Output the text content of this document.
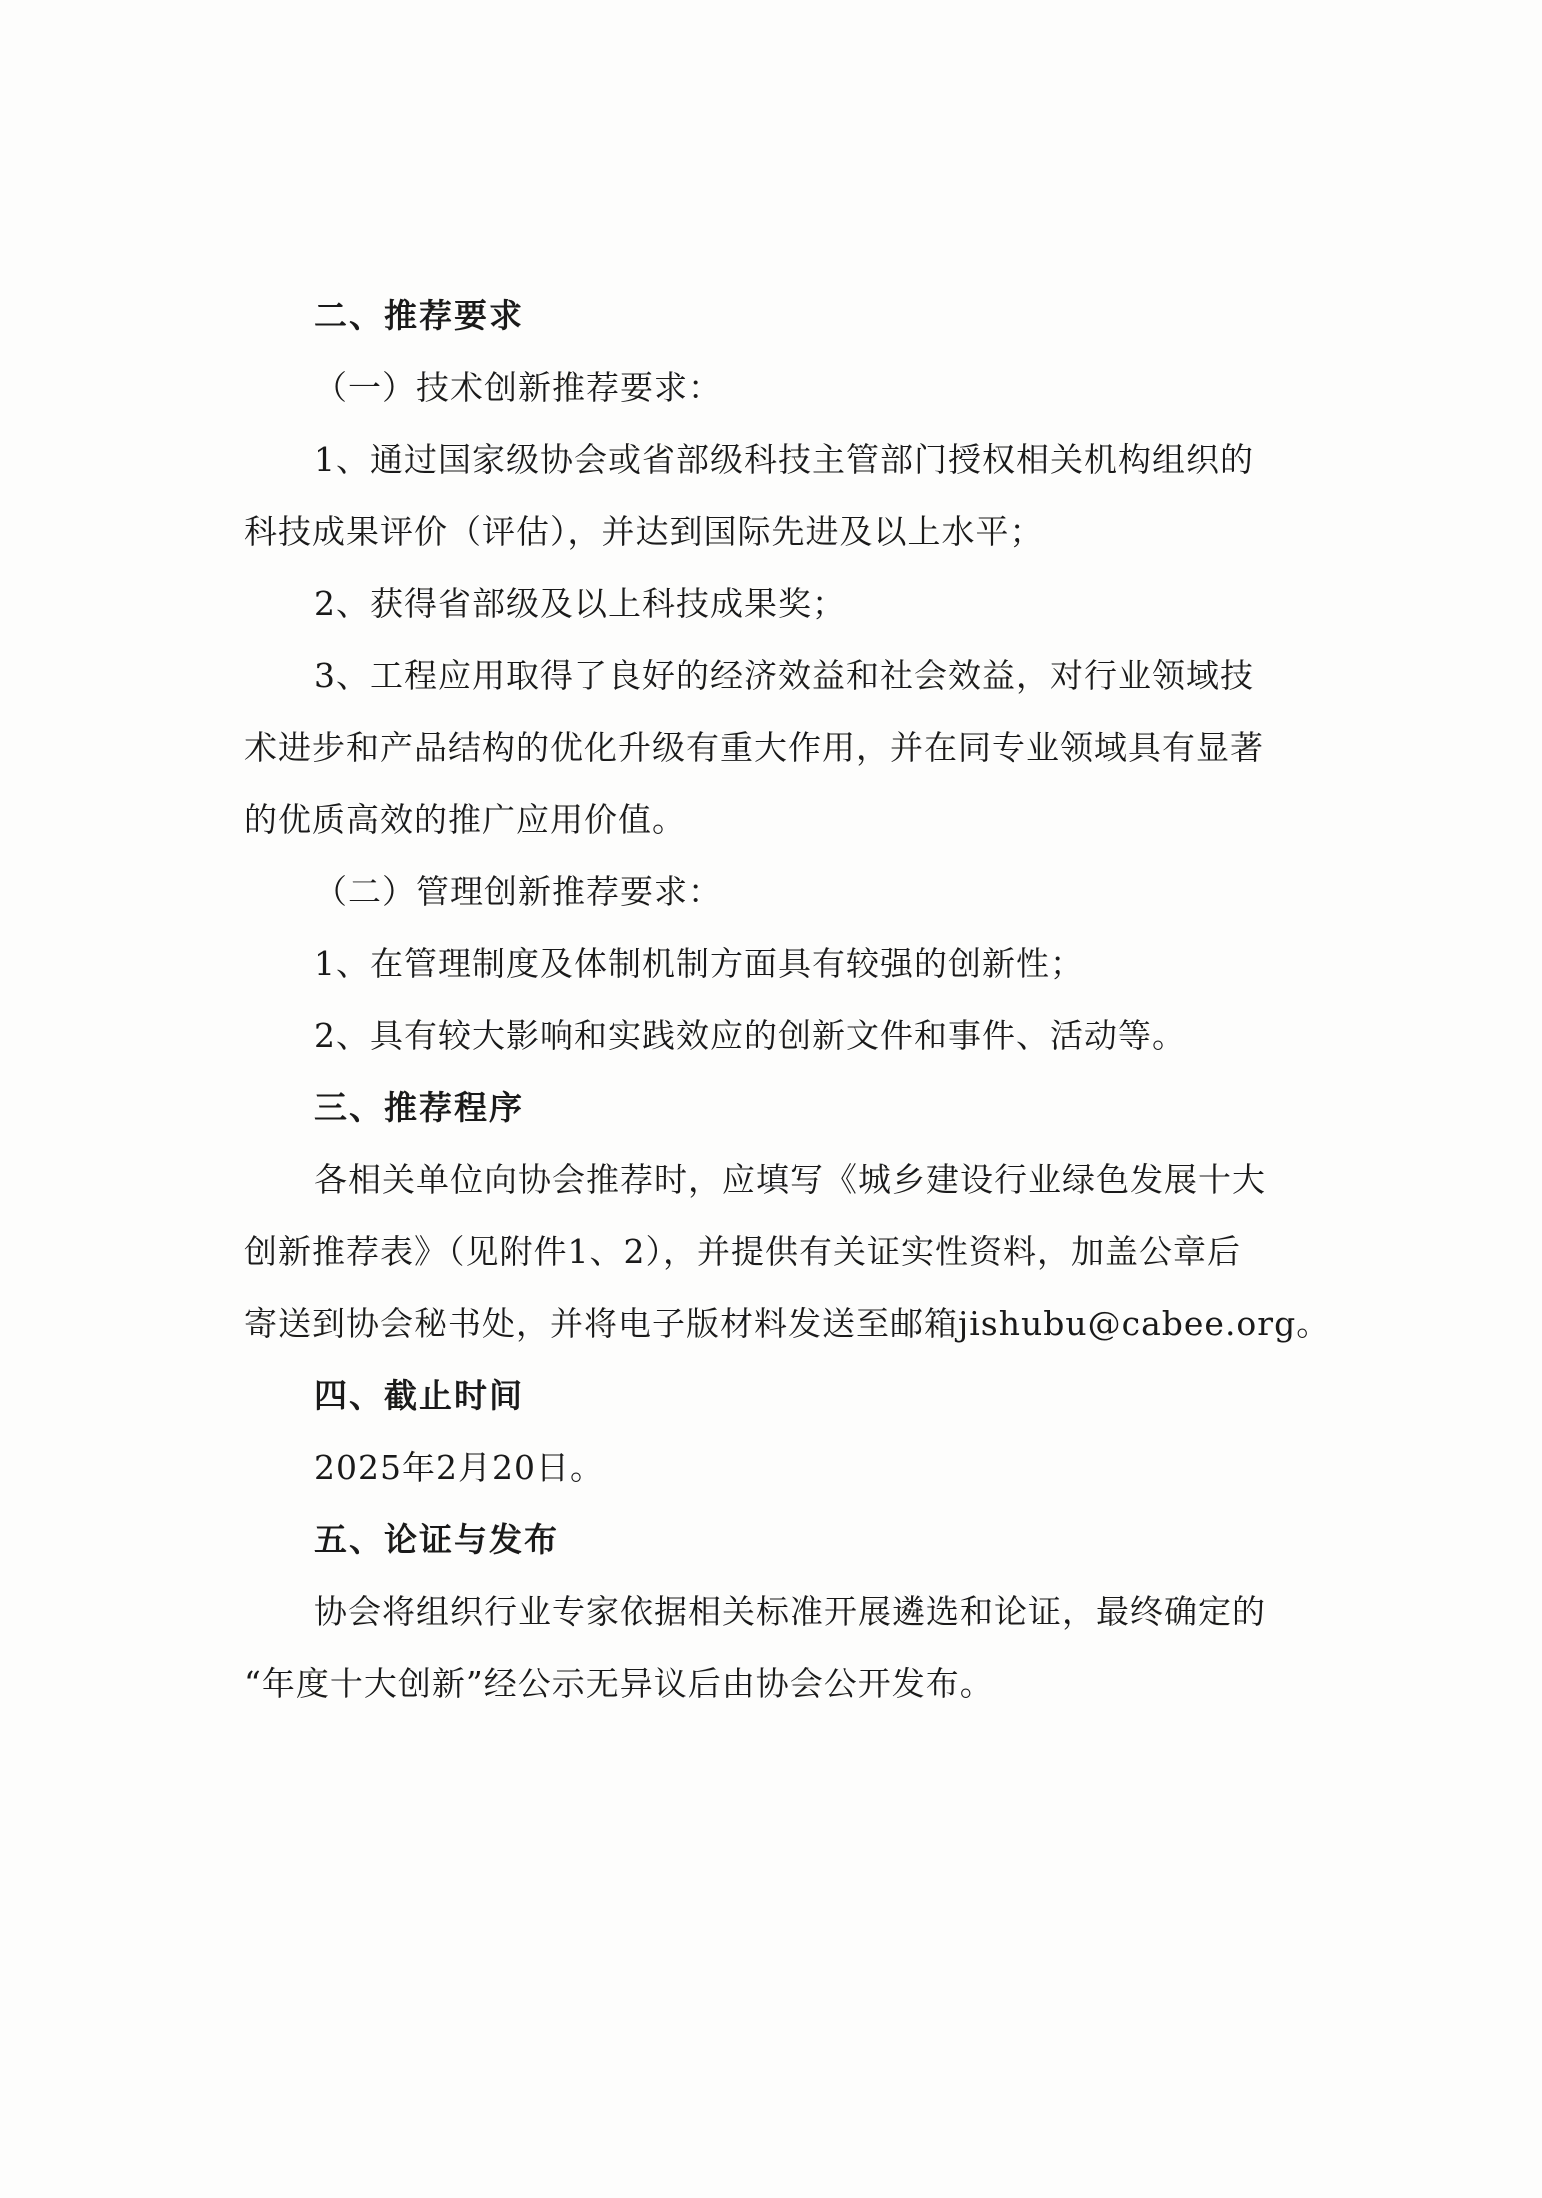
二、推荐要求
（一）技术创新推荐要求：
1、通过国家级协会或省部级科技主管部门授权相关机构组织的
科技成果评价（评估），并达到国际先进及以上水平；
2、获得省部级及以上科技成果奖；
3、工程应用取得了良好的经济效益和社会效益，对行业领域技
术进步和产品结构的优化升级有重大作用，并在同专业领域具有显著
的优质高效的推广应用价值。
（二）管理创新推荐要求：
1、在管理制度及体制机制方面具有较强的创新性；
2、具有较大影响和实践效应的创新文件和事件、活动等。
三、推荐程序
各相关单位向协会推荐时，应填写《城乡建设行业绿色发展十大
创新推荐表》（见附件1、2），并提供有关证实性资料，加盖公章后
寄送到协会秘书处，并将电子版材料发送至邮箱jishubu@cabee.org。
四、截止时间
2025年2月20日。
五、论证与发布
协会将组织行业专家依据相关标准开展遴选和论证，最终确定的
“年度十大创新”经公示无异议后由协会公开发布。
